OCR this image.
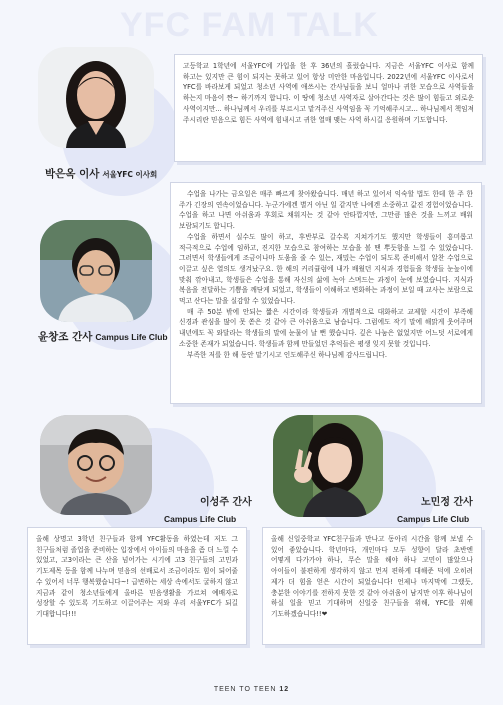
YFC FAM TALK
박은옥 이사 서울YFC 이사회

고등학교 1학년에 서울YFC에 가입을 한 후 36년의 흘렀습니다. 지금은 서울YFC 이사로 함께 하고는 있지만 큰 힘이 되지는 못하고 있어 항상 미안한 마음입니다. 2022년에 서울YFC 이사로서 YFC를 바라보게 되었고 청소년 사역에 애쓰시는 간사님들을 보니 얼마나 귀한 모습으로 사역들을 하는지 마음이 짠~ 하기까지 합니다. 이 땅에 청소년 사역자로 살아간다는 것은 많이 힘들고 외로운 사역이지만... 하나님께서 우리를 부르시고 맡겨주신 사역임을 꼭 기억해주시고... 하나님께서 책임져 주시리란 믿음으로 힘든 사역에 힘내시고 귀한 열매 맺는 사역 하시길 응원하며 기도합니다.

윤창조 간사 Campus Life Club

수업을 나가는 금요일은 매주 빠르게 찾아왔습니다. 매년 하고 있어서 익숙할 법도 한데 한 주 한 주가 긴장의 연속이었습니다. 누군가에겐 별거 아닌 일 같지만 나에겐 소중하고 값진 경험이었습니다. 수업을 하고 나면 아쉬움과 후회로 채워지는 것 같아 안타깝지만, 그만큼 많은 것을 느끼고 배워 보람되기도 합니다.

수업을 하면서 실수도 많이 하고, 후반부로 갈수록 지쳐가기도 했지만 학생들이 흥미롭고 적극적으로 수업에 임하고, 진지한 모습으로 참여하는 모습을 볼 땐 뿌듯함을 느낄 수 있었습니다. 그러면서 학생들에게 조금이나마 도움을 줄 수 있는, 재밌는 수업이 되도록 준비해서 알찬 수업으로 이끌고 싶은 열의도 생겨났구요. 한 해의 커리큘럼에 내가 배웠던 지식과 경험들을 학생들 눈높이에 맞춰 깎아내고, 학생들은 수업을 통해 자신의 삶에 녹아 스며드는 과정이 눈에 보였습니다. 지식과 복음을 전달하는 기쁨을 깨닫게 되었고, 학생들이 이해하고 변화하는 과정이 보일 때 교사는 보람으로 먹고 산다는 말을 실감할 수 있었습니다.

매 주 50분 밖에 안되는 짧은 시간이라 학생들과 개별적으로 대화하고 교제할 시간이 부족해 신경과 관심을 많이 못 쏟은 것 같아 큰 아쉬움으로 남습니다. 그럼에도 작기 말에 해맑게 웃어주며 내년에도 꼭 와달라는 학생들의 말에 눈물이 날 뻔 했습니다. 깊은 나눔은 없었지만 어느덧 서로에게 소중한 존재가 되었습니다. 학생들과 함께 만들었던 추억들은 평생 잊지 못할 것입니다.

부족한 저를 한 해 동안 맡기시고 인도해주신 하나님께 감사드립니다.

이성주 간사
Campus Life Club

올해 상명고 3학년 친구들과 함께 YFC활동을 하였는데 저도 그 친구들처럼 졸업을 준비하는 입장에서 아이들의 마음을 좀 더 느낄 수 있었고, 고3이라는 큰 산을 넘어가는 시기에 고3 친구들의 고민과 기도제목 등을 함께 나누며 믿음의 선배로서 조금이라도 힘이 되어줄 수 있어서 너무 행복했습니다~! 급변하는 세상 속에서도 굴하지 않고 지금과 같이 청소년들에게 올바른 믿음생활을 가르쳐 예배자로 성장할 수 있도록 기도하고 이끌어주는 저와 우리 서울YFC가 되길 기대합니다!!!

노민정 간사
Campus Life Club

올해 신일중학교 YFC친구들과 만나고 동아리 시간을 함께 보낼 수 있어 좋았습니다. 학년마다, 개인마다 모두 성향이 달라 초반엔 어떻게 다가가야 하나, 무슨 말을 해야 하나 고민이 많았으나 아이들이 불편하게 생각하지 않고 먼저 편하게 대해준 덕에 오히려 제가 더 힘을 얻은 시간이 되었습니다! 언제나 마지막에 그랬듯, 충분한 이야기를 전하지 못한 것 같아 아쉬움이 남지만 이후 하나님이 하실 일을 믿고 기대하며 신일중 친구들을 위해, YFC를 위해 기도하겠습니다!!❤

TEEN TO TEEN 12
